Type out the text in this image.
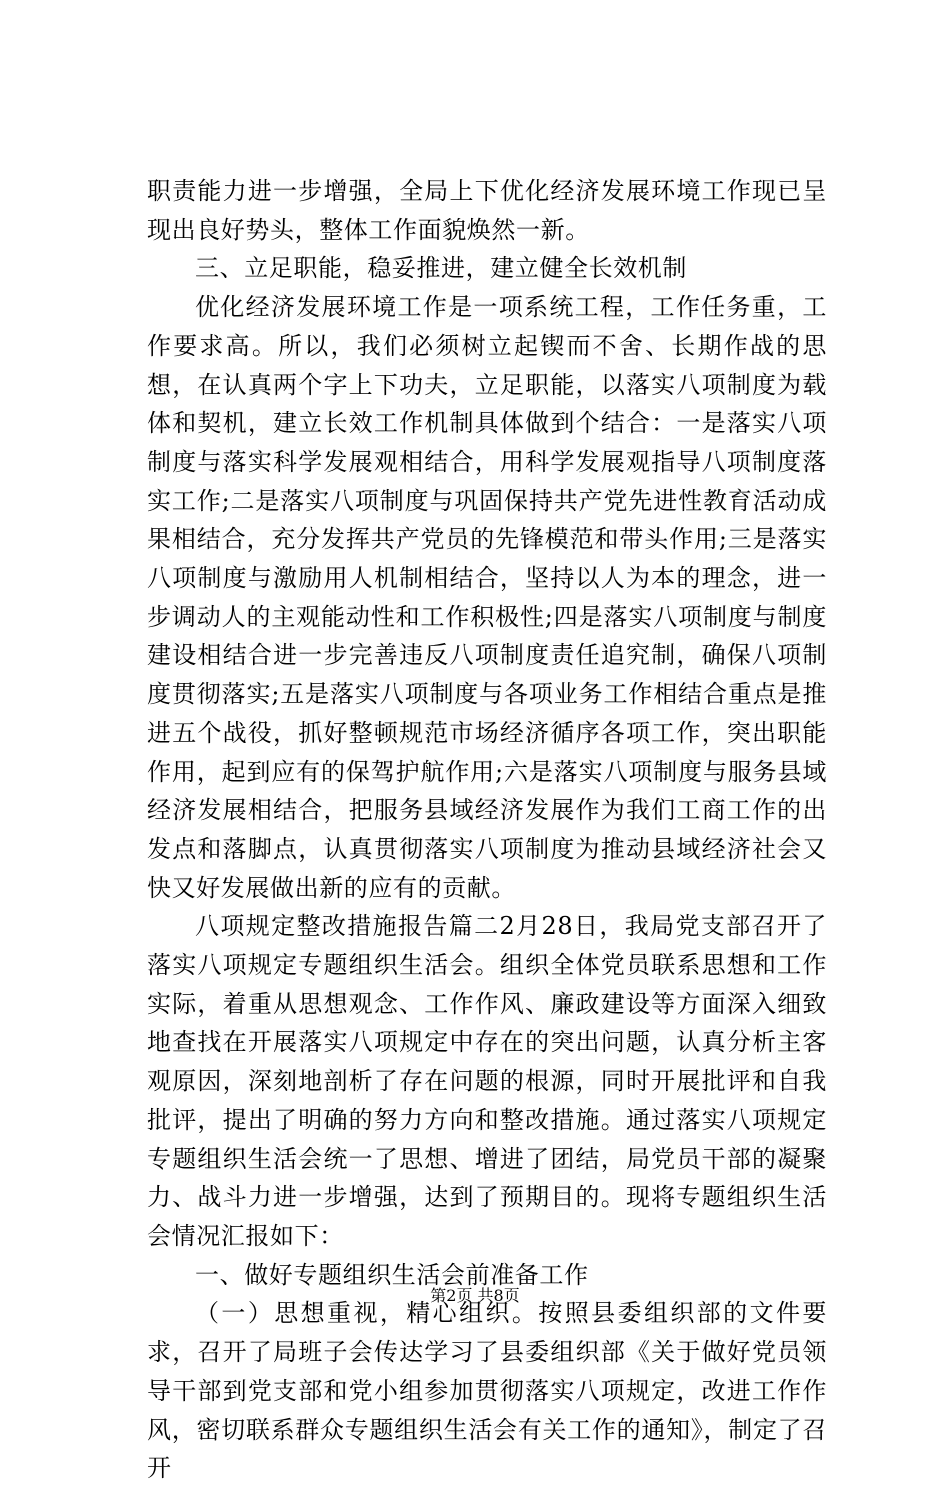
职责能力进一步增强，全局上下优化经济发展环境工作现已呈现出良好势头，整体工作面貌焕然一新。

三、立足职能，稳妥推进，建立健全长效机制

优化经济发展环境工作是一项系统工程，工作任务重，工作要求高。所以，我们必须树立起锲而不舍、长期作战的思想，在认真两个字上下功夫，立足职能，以落实八项制度为载体和契机，建立长效工作机制具体做到个结合：一是落实八项制度与落实科学发展观相结合，用科学发展观指导八项制度落实工作;二是落实八项制度与巩固保持共产党先进性教育活动成果相结合，充分发挥共产党员的先锋模范和带头作用;三是落实八项制度与激励用人机制相结合，坚持以人为本的理念，进一步调动人的主观能动性和工作积极性;四是落实八项制度与制度建设相结合进一步完善违反八项制度责任追究制，确保八项制度贯彻落实;五是落实八项制度与各项业务工作相结合重点是推进五个战役，抓好整顿规范市场经济循序各项工作，突出职能作用，起到应有的保驾护航作用;六是落实八项制度与服务县域经济发展相结合，把服务县域经济发展作为我们工商工作的出发点和落脚点，认真贯彻落实八项制度为推动县域经济社会又快又好发展做出新的应有的贡献。

八项规定整改措施报告篇二2月28日，我局党支部召开了落实八项规定专题组织生活会。组织全体党员联系思想和工作实际，着重从思想观念、工作作风、廉政建设等方面深入细致地查找在开展落实八项规定中存在的突出问题，认真分析主客观原因，深刻地剖析了存在问题的根源，同时开展批评和自我批评，提出了明确的努力方向和整改措施。通过落实八项规定专题组织生活会统一了思想、增进了团结，局党员干部的凝聚力、战斗力进一步增强，达到了预期目的。现将专题组织生活会情况汇报如下：

一、做好专题组织生活会前准备工作

（一）思想重视，精心组织。按照县委组织部的文件要求，召开了局班子会传达学习了县委组织部《关于做好党员领导干部到党支部和党小组参加贯彻落实八项规定，改进工作作风，密切联系群众专题组织生活会有关工作的通知》，制定了召开

第2页 共8页
